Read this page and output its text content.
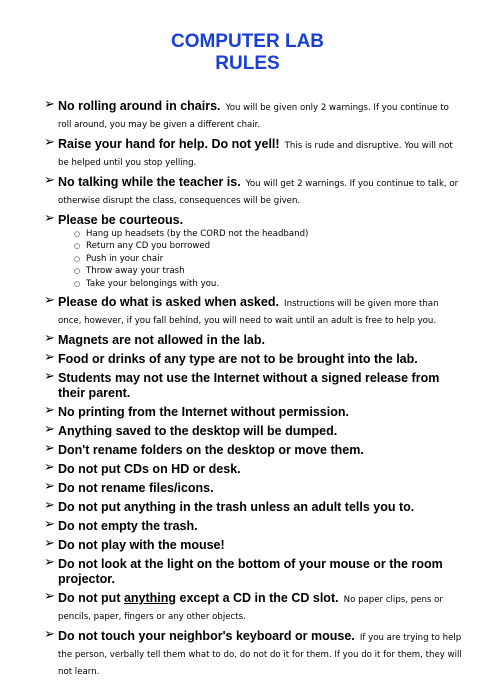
COMPUTER LAB
RULES
➢ No rolling around in chairs. You will be given only 2 warnings. If you continue to roll around, you may be given a different chair.
➢ Raise your hand for help. Do not yell! This is rude and disruptive. You will not be helped until you stop yelling.
➢ No talking while the teacher is. You will get 2 warnings. If you continue to talk, or otherwise disrupt the class, consequences will be given.
➢ Please be courteous.
○ Hang up headsets (by the CORD not the headband)
○ Return any CD you borrowed
○ Push in your chair
○ Throw away your trash
○ Take your belongings with you.
➢ Please do what is asked when asked. Instructions will be given more than once, however, if you fall behind, you will need to wait until an adult is free to help you.
➢ Magnets are not allowed in the lab.
➢ Food or drinks of any type are not to be brought into the lab.
➢ Students may not use the Internet without a signed release from their parent.
➢ No printing from the Internet without permission.
➢ Anything saved to the desktop will be dumped.
➢ Don't rename folders on the desktop or move them.
➢ Do not put CDs on HD or desk.
➢ Do not rename files/icons.
➢ Do not put anything in the trash unless an adult tells you to.
➢ Do not empty the trash.
➢ Do not play with the mouse!
➢ Do not look at the light on the bottom of your mouse or the room projector.
➢ Do not put anything except a CD in the CD slot. No paper clips, pens or pencils, paper, fingers or any other objects.
➢ Do not touch your neighbor's keyboard or mouse. If you are trying to help the person, verbally tell them what to do, do not do it for them. If you do it for them, they will not learn.
